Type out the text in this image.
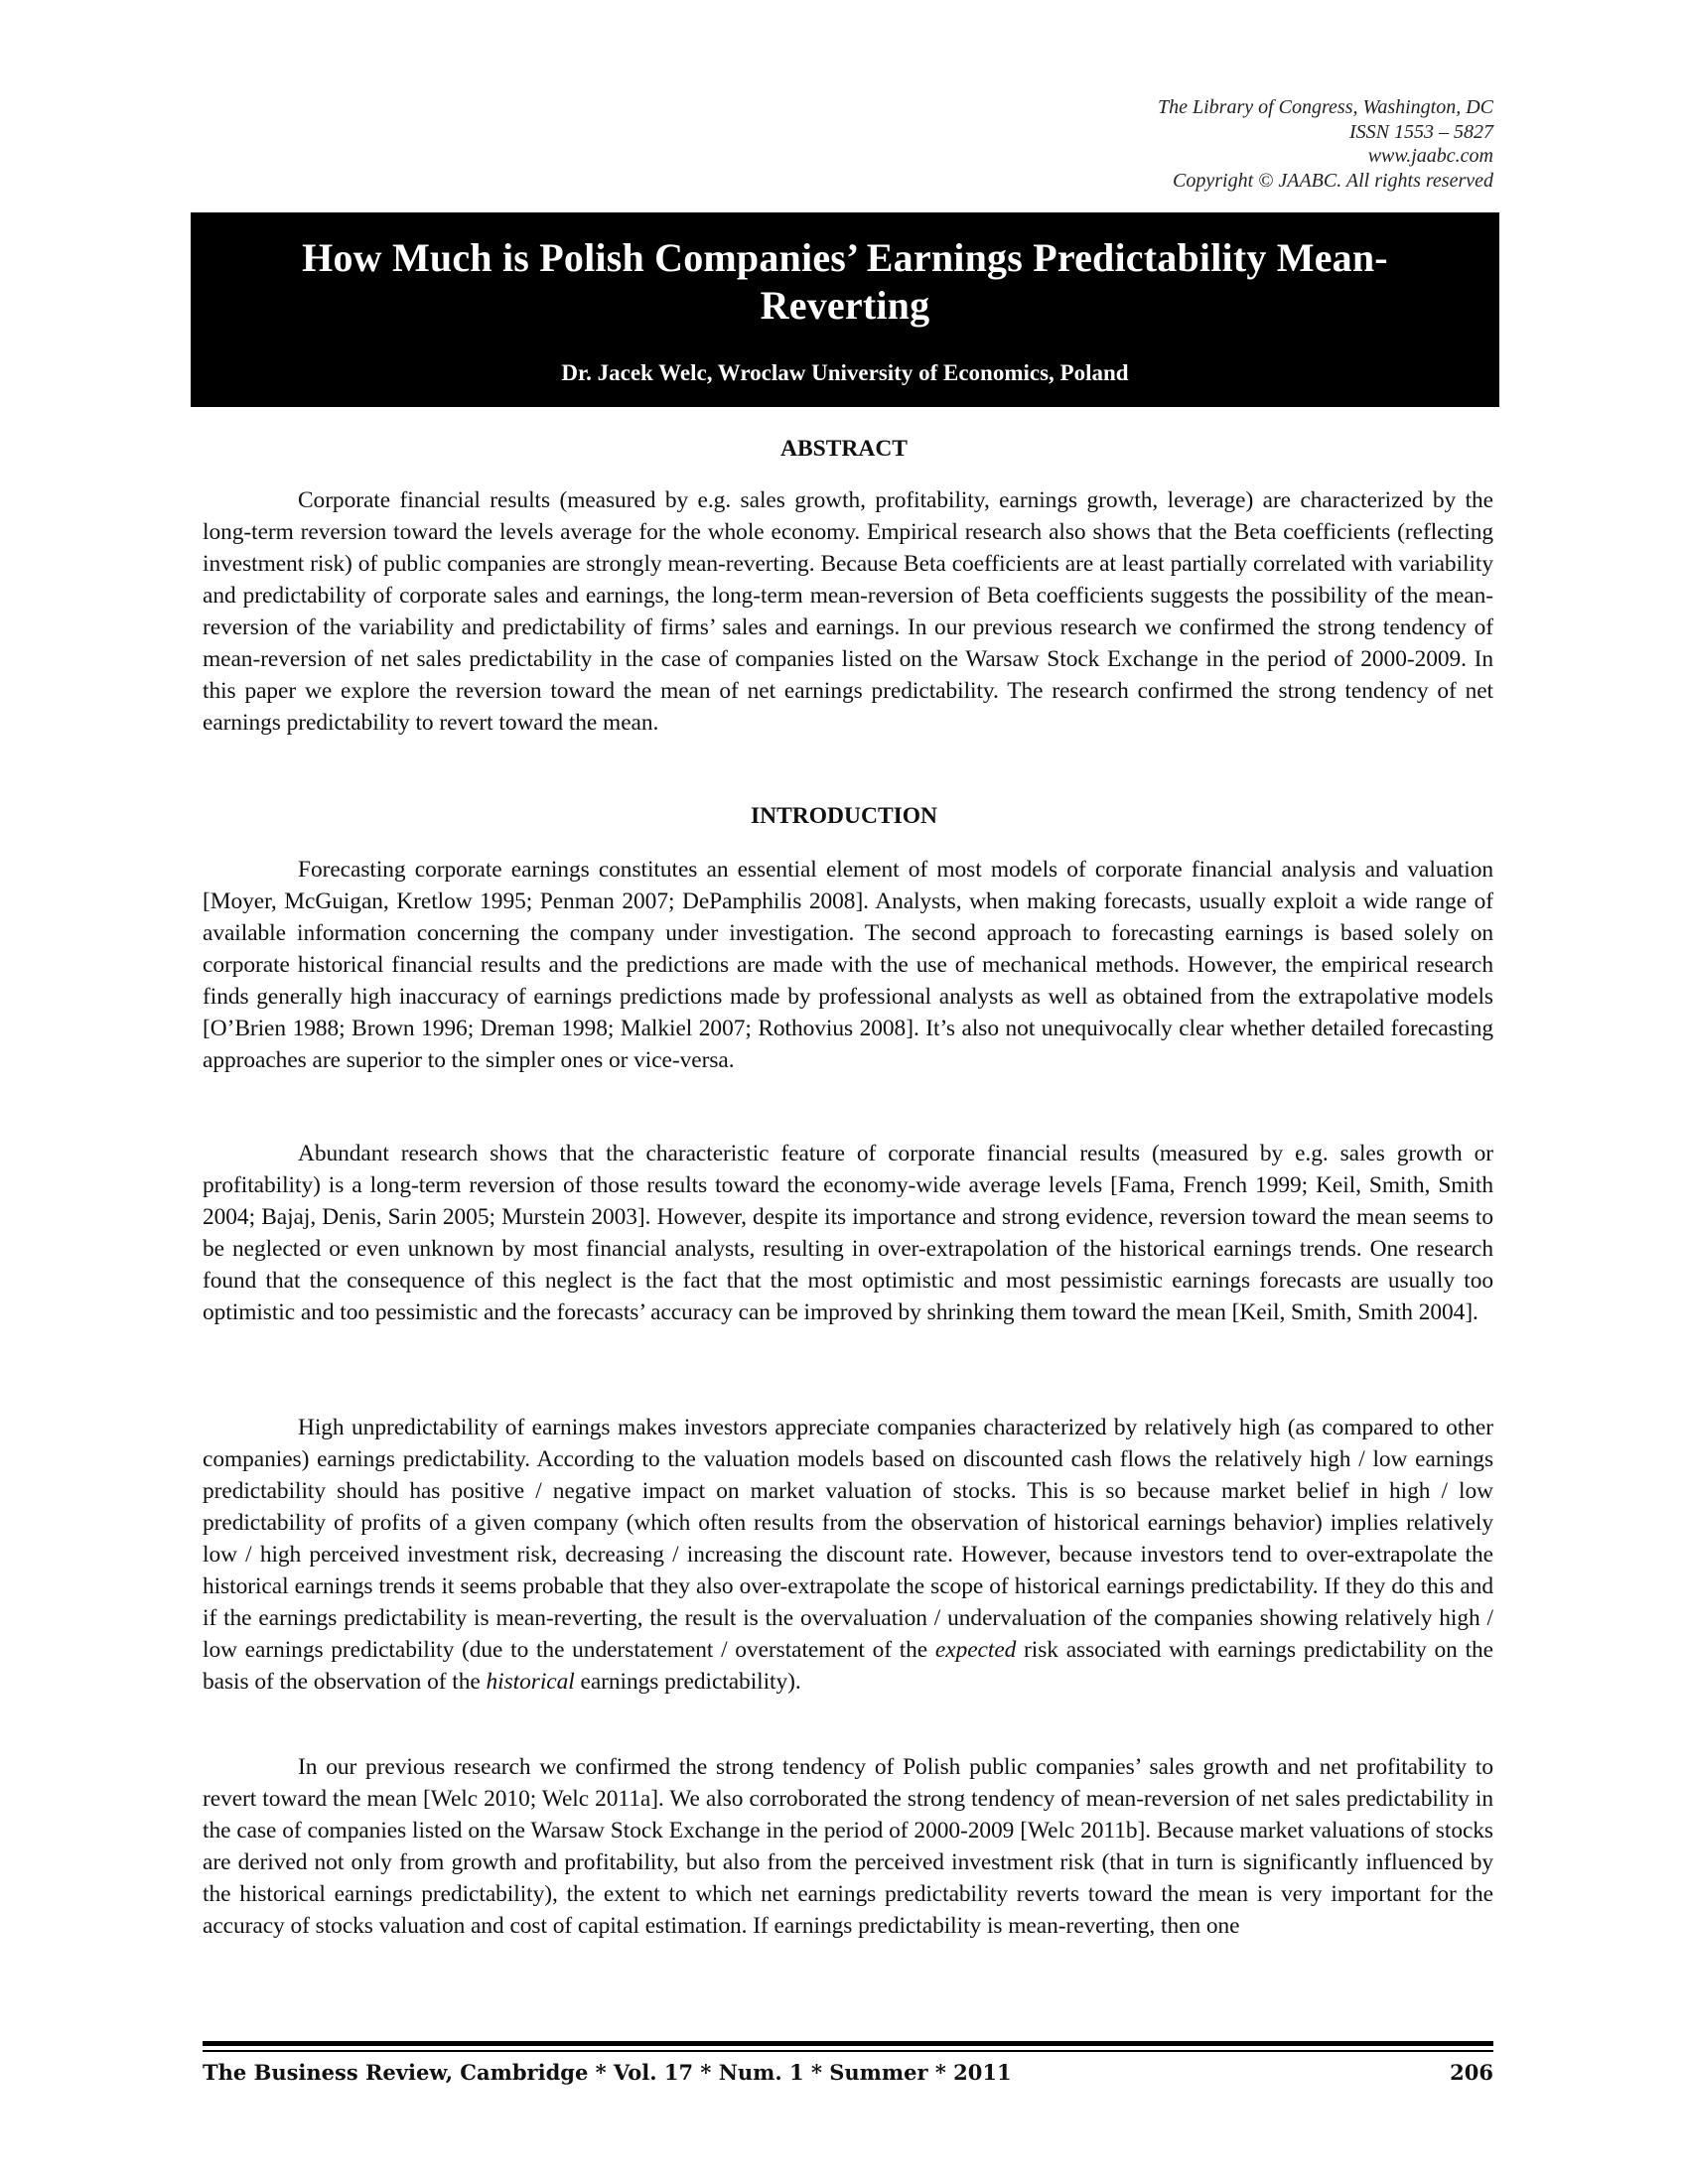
The Library of Congress, Washington, DC
ISSN 1553 – 5827
www.jaabc.com
Copyright © JAABC. All rights reserved
How Much is Polish Companies’ Earnings Predictability Mean-Reverting
Dr. Jacek Welc, Wroclaw University of Economics, Poland
ABSTRACT

Corporate financial results (measured by e.g. sales growth, profitability, earnings growth, leverage) are characterized by the long-term reversion toward the levels average for the whole economy. Empirical research also shows that the Beta coefficients (reflecting investment risk) of public companies are strongly mean-reverting. Because Beta coefficients are at least partially correlated with variability and predictability of corporate sales and earnings, the long-term mean-reversion of Beta coefficients suggests the possibility of the mean-reversion of the variability and predictability of firms’ sales and earnings. In our previous research we confirmed the strong tendency of mean-reversion of net sales predictability in the case of companies listed on the Warsaw Stock Exchange in the period of 2000-2009. In this paper we explore the reversion toward the mean of net earnings predictability. The research confirmed the strong tendency of net earnings predictability to revert toward the mean.

INTRODUCTION

Forecasting corporate earnings constitutes an essential element of most models of corporate financial analysis and valuation [Moyer, McGuigan, Kretlow 1995; Penman 2007; DePamphilis 2008]. Analysts, when making forecasts, usually exploit a wide range of available information concerning the company under investigation. The second approach to forecasting earnings is based solely on corporate historical financial results and the predictions are made with the use of mechanical methods. However, the empirical research finds generally high inaccuracy of earnings predictions made by professional analysts as well as obtained from the extrapolative models [O’Brien 1988; Brown 1996; Dreman 1998; Malkiel 2007; Rothovius 2008]. It’s also not unequivocally clear whether detailed forecasting approaches are superior to the simpler ones or vice-versa.

Abundant research shows that the characteristic feature of corporate financial results (measured by e.g. sales growth or profitability) is a long-term reversion of those results toward the economy-wide average levels [Fama, French 1999; Keil, Smith, Smith 2004; Bajaj, Denis, Sarin 2005; Murstein 2003]. However, despite its importance and strong evidence, reversion toward the mean seems to be neglected or even unknown by most financial analysts, resulting in over-extrapolation of the historical earnings trends. One research found that the consequence of this neglect is the fact that the most optimistic and most pessimistic earnings forecasts are usually too optimistic and too pessimistic and the forecasts’ accuracy can be improved by shrinking them toward the mean [Keil, Smith, Smith 2004].

High unpredictability of earnings makes investors appreciate companies characterized by relatively high (as compared to other companies) earnings predictability. According to the valuation models based on discounted cash flows the relatively high / low earnings predictability should has positive / negative impact on market valuation of stocks. This is so because market belief in high / low predictability of profits of a given company (which often results from the observation of historical earnings behavior) implies relatively low / high perceived investment risk, decreasing / increasing the discount rate. However, because investors tend to over-extrapolate the historical earnings trends it seems probable that they also over-extrapolate the scope of historical earnings predictability. If they do this and if the earnings predictability is mean-reverting, the result is the overvaluation / undervaluation of the companies showing relatively high / low earnings predictability (due to the understatement / overstatement of the expected risk associated with earnings predictability on the basis of the observation of the historical earnings predictability).

In our previous research we confirmed the strong tendency of Polish public companies’ sales growth and net profitability to revert toward the mean [Welc 2010; Welc 2011a]. We also corroborated the strong tendency of mean-reversion of net sales predictability in the case of companies listed on the Warsaw Stock Exchange in the period of 2000-2009 [Welc 2011b]. Because market valuations of stocks are derived not only from growth and profitability, but also from the perceived investment risk (that in turn is significantly influenced by the historical earnings predictability), the extent to which net earnings predictability reverts toward the mean is very important for the accuracy of stocks valuation and cost of capital estimation. If earnings predictability is mean-reverting, then one

The Business Review, Cambridge * Vol. 17 * Num. 1 * Summer * 2011	206
